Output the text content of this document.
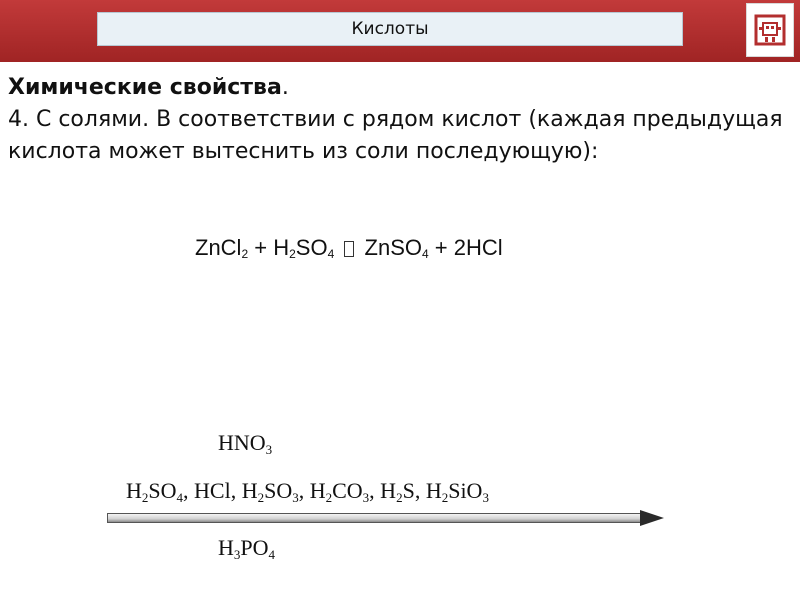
Кислоты
Химические свойства.
4. С солями. В соответствии с рядом кислот (каждая предыдущая кислота может вытеснить из соли последующую):
ZnCl$_2$ + $H_2SO_4$ ZnSO$_4$ + 2HCl
$HNO_3$
$H_2SO_4$, HCl, $H_2SO_3$, $H_2CO_3$, $H_2S$, $H_2SiO_3$
$H_3PO_4$
